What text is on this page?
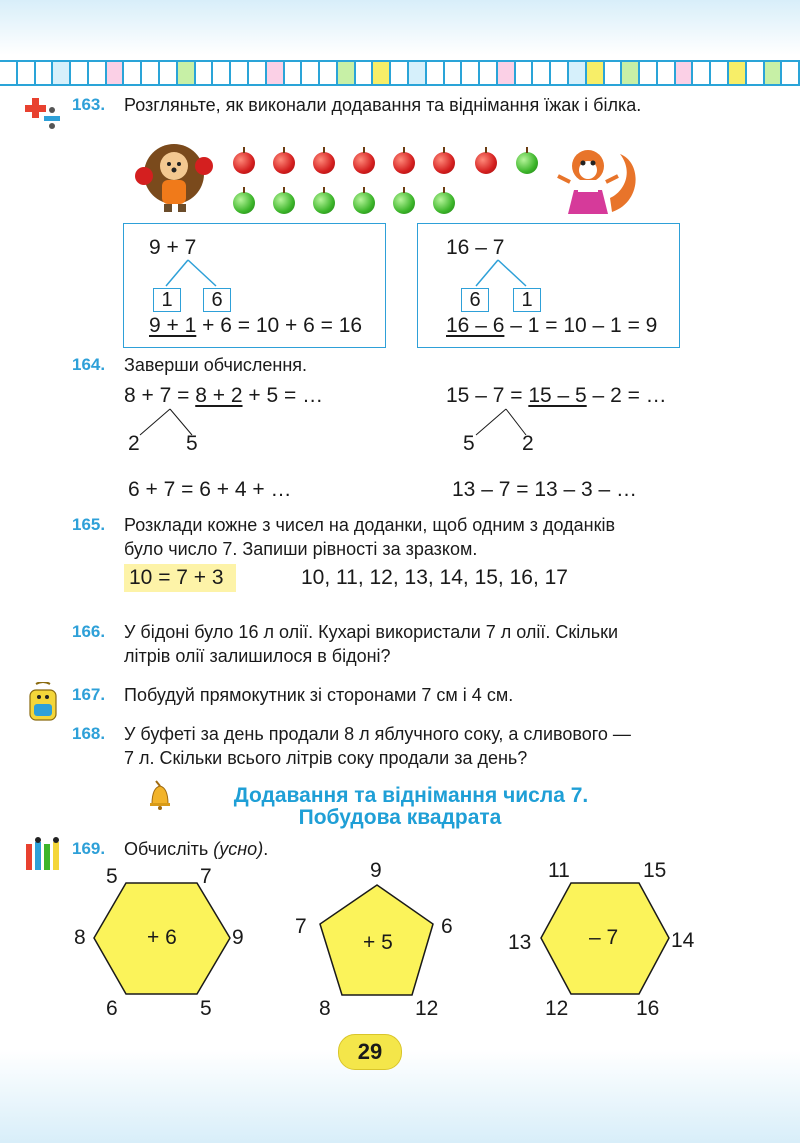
163. Розгляньте, як виконали додавання та віднімання їжак і білка.
9 + 7
1	6
9 + 1 + 6 = 10 + 6 = 16
16 – 7
6	1
16 – 6 – 1 = 10 – 1 = 9
164. Заверши обчислення.
8 + 7 = 8 + 2 + 5 = …
2 5
6 + 7 = 6 + 4 + …
15 – 7 = 15 – 5 – 2 = …
5 2
13 – 7 = 13 – 3 – …
165. Розклади кожне з чисел на доданки, щоб одним з доданків
було число 7. Запиши рівності за зразком.
10 = 7 + 3	10, 11, 12, 13, 14, 15, 16, 17
166. У бідоні було 16 л олії. Кухарі використали 7 л олії. Скільки
літрів олії залишилося в бідоні?
167. Побудуй прямокутник зі сторонами 7 см і 4 см.
168. У буфеті за день продали 8 л яблучного соку, а сливового —
7 л. Скільки всього літрів соку продали за день?
Додавання та віднімання числа 7.
Побудова квадрата
169. Обчисліть (усно).
+ 6
5	7
8	9
6	5
+ 5
9
7	6
8	12
– 7
11	15
13	14
12	16
29
